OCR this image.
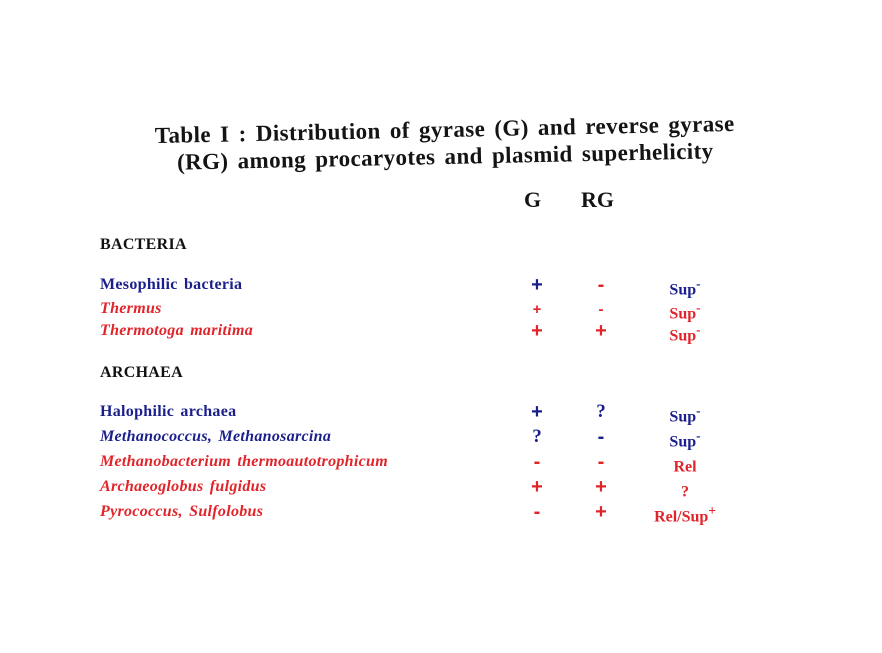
Table I : Distribution of gyrase (G) and reverse gyrase
(RG) among procaryotes and plasmid superhelicity
G RG
BACTERIA
Mesophilic bacteria	+	-	Sup-
Thermus	+	-	Sup-
Thermotoga maritima	+	+	Sup-
ARCHAEA
Halophilic archaea	+	?	Sup-
Methanococcus, Methanosarcina	?	-	Sup-
Methanobacterium thermoautotrophicum	-	-	Rel
Archaeoglobus fulgidus	+	+	?
Pyrococcus, Sulfolobus	-	+	Rel/Sup+
